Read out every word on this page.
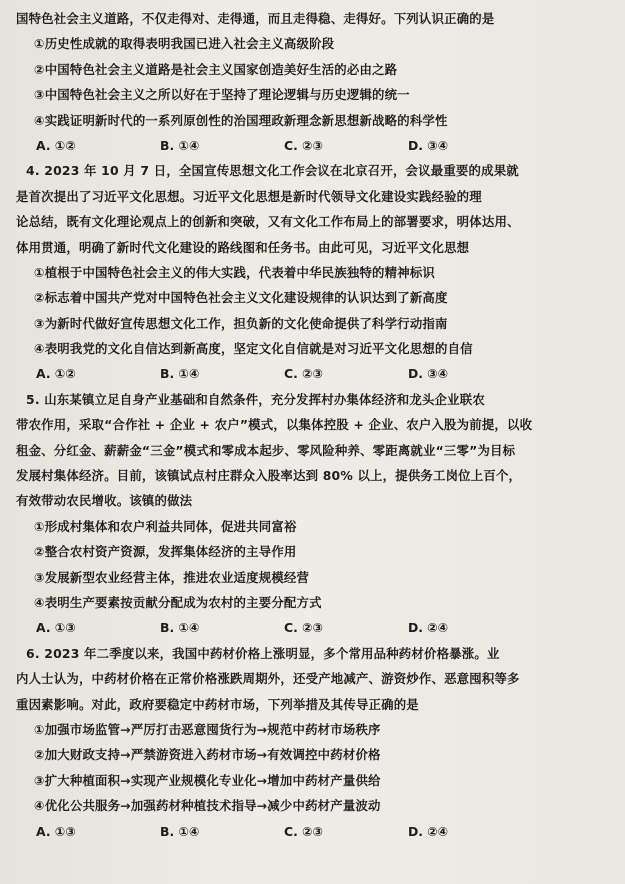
国特色社会主义道路，不仅走得对、走得通，而且走得稳、走得好。下列认识正确的是
①历史性成就的取得表明我国已进入社会主义高级阶段
②中国特色社会主义道路是社会主义国家创造美好生活的必由之路
③中国特色社会主义之所以好在于坚持了理论逻辑与历史逻辑的统一
④实践证明新时代的一系列原创性的治国理政新理念新思想新战略的科学性
A. ①②	B. ①④	C. ②③	D. ③④
4. 2023 年 10 月 7 日，全国宣传思想文化工作会议在北京召开，会议最重要的成果就
是首次提出了习近平文化思想。习近平文化思想是新时代领导文化建设实践经验的理
论总结，既有文化理论观点上的创新和突破，又有文化工作布局上的部署要求，明体达用、
体用贯通，明确了新时代文化建设的路线图和任务书。由此可见，习近平文化思想
①植根于中国特色社会主义的伟大实践，代表着中华民族独特的精神标识
②标志着中国共产党对中国特色社会主义文化建设规律的认识达到了新高度
③为新时代做好宣传思想文化工作，担负新的文化使命提供了科学行动指南
④表明我党的文化自信达到新高度，坚定文化自信就是对习近平文化思想的自信
A. ①②	B. ①④	C. ②③	D. ③④
5. 山东某镇立足自身产业基础和自然条件，充分发挥村办集体经济和龙头企业联农
带农作用，采取“合作社 + 企业 + 农户”模式，以集体控股 + 企业、农户入股为前提，以收
租金、分红金、薪薪金“三金”模式和零成本起步、零风险种养、零距离就业“三零”为目标
发展村集体经济。目前，该镇试点村庄群众入股率达到 80% 以上，提供务工岗位上百个，
有效带动农民增收。该镇的做法
①形成村集体和农户利益共同体，促进共同富裕
②整合农村资产资源，发挥集体经济的主导作用
③发展新型农业经营主体，推进农业适度规模经营
④表明生产要素按贡献分配成为农村的主要分配方式
A. ①③	B. ①④	C. ②③	D. ②④
6. 2023 年二季度以来，我国中药材价格上涨明显，多个常用品种药材价格暴涨。业
内人士认为，中药材价格在正常价格涨跌周期外，还受产地减产、游资炒作、恶意囤积等多
重因素影响。对此，政府要稳定中药材市场，下列举措及其传导正确的是
①加强市场监管→严厉打击恶意囤货行为→规范中药材市场秩序
②加大财政支持→严禁游资进入药材市场→有效调控中药材价格
③扩大种植面积→实现产业规模化专业化→增加中药材产量供给
④优化公共服务→加强药材种植技术指导→减少中药材产量波动
A. ①③	B. ①④	C. ②③	D. ②④
